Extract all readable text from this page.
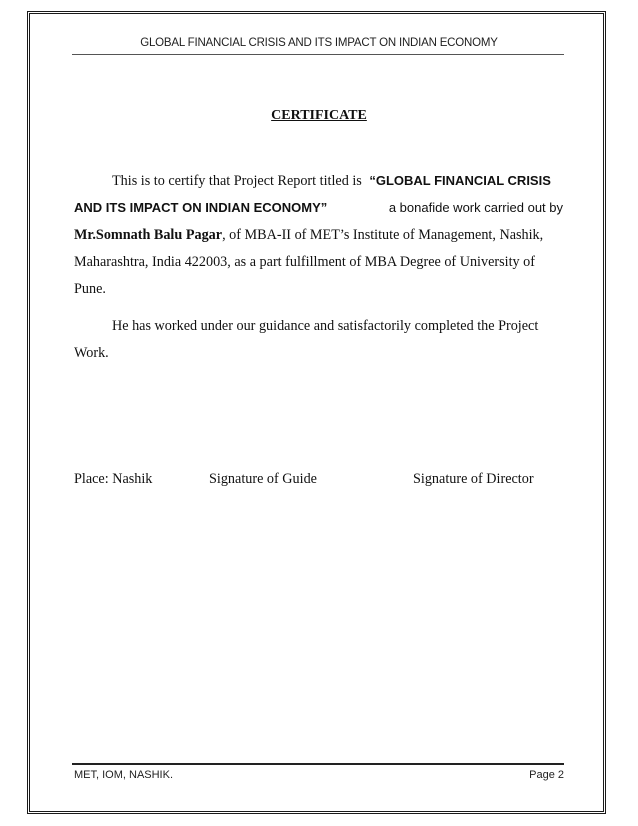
GLOBAL FINANCIAL CRISIS AND ITS IMPACT ON INDIAN ECONOMY
CERTIFICATE
This is to certify that Project Report titled is “GLOBAL FINANCIAL CRISIS
AND ITS IMPACT ON INDIAN ECONOMY”	a bonafide work carried out by
Mr.Somnath Balu Pagar, of MBA-II of MET’s Institute of Management, Nashik,
Maharashtra, India 422003, as a part fulfillment of MBA Degree of University of
Pune.
He has worked under our guidance and satisfactorily completed the Project
Work.
Place: Nashik	Signature of Guide	Signature of Director
MET, IOM, NASHIK.	Page 2
